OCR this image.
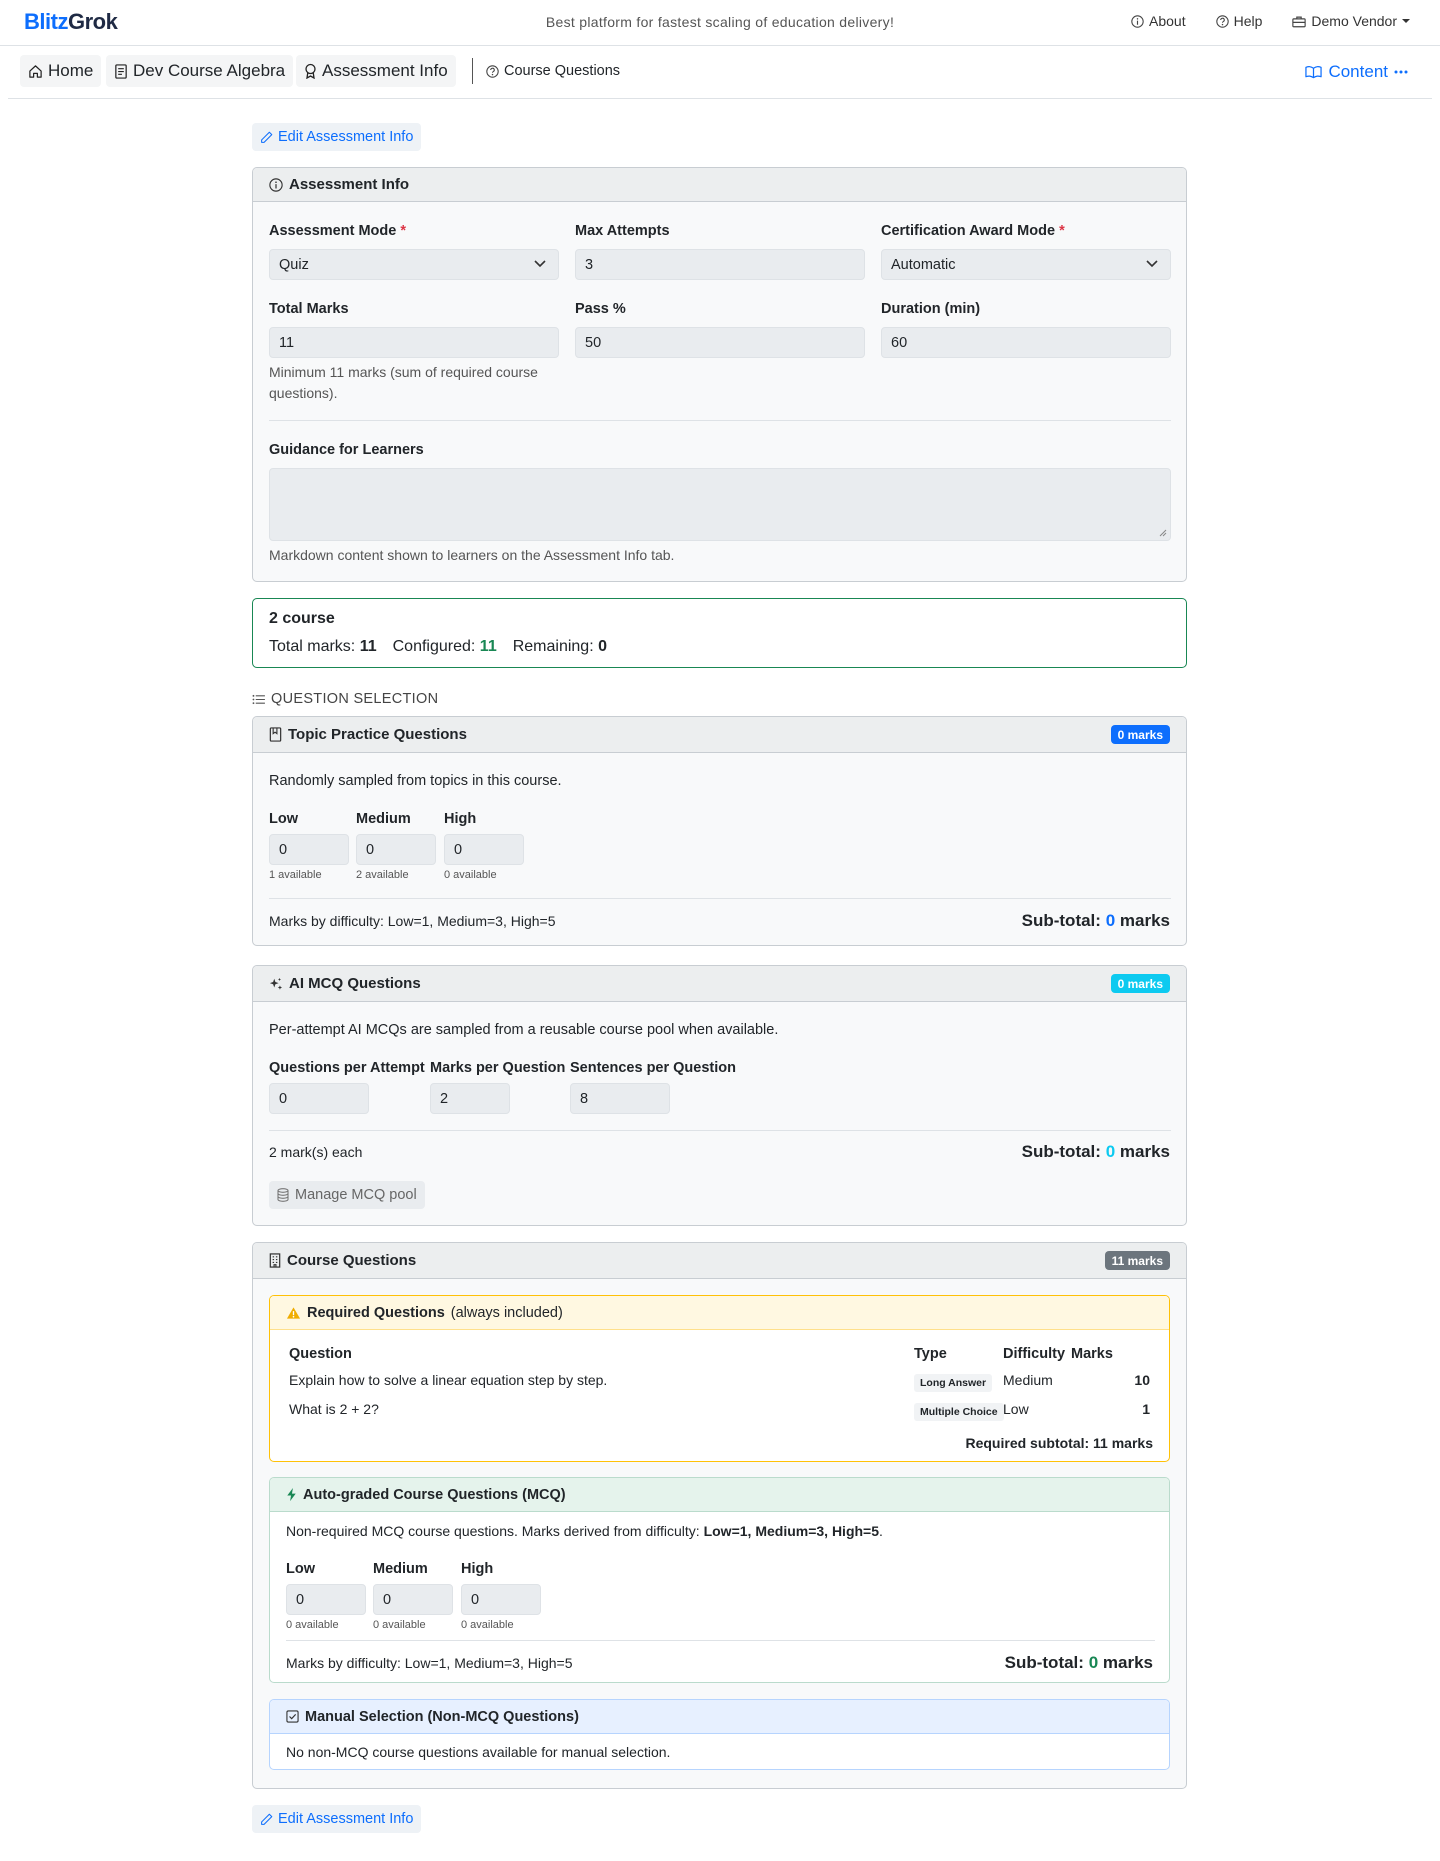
BlitzGrok	Best platform for fastest scaling of education delivery!	About	Help	Demo Vendor
Home Dev Course Algebra Assessment Info	Course Questions	Content
Edit Assessment Info
Assessment Info
Assessment Mode *
Quiz
Max Attempts
3
Certification Award Mode *
Automatic
Total Marks
11
Minimum 11 marks (sum of required course questions).
Pass %
50
Duration (min)
60
Guidance for Learners
Markdown content shown to learners on the Assessment Info tab.
2 course
Total marks: 11 Configured: 11 Remaining: 0
QUESTION SELECTION
Topic Practice Questions	0 marks
Randomly sampled from topics in this course.
Low
0
1 available
Medium
0
2 available
High
0
0 available
Marks by difficulty: Low=1, Medium=3, High=5	Sub-total: 0 marks
AI MCQ Questions	0 marks
Per-attempt AI MCQs are sampled from a reusable course pool when available.
Questions per Attempt
0
Marks per Question
2
Sentences per Question
8
2 mark(s) each	Sub-total: 0 marks
Manage MCQ pool
Course Questions	11 marks
Required Questions (always included)
Question	Type	Difficulty Marks
Explain how to solve a linear equation step by step.	Long Answer	Medium	10
What is 2 + 2?	Multiple Choice Low	1
Required subtotal: 11 marks
Auto-graded Course Questions (MCQ)
Non-required MCQ course questions. Marks derived from difficulty: Low=1, Medium=3, High=5.
Low
0
0 available
Medium
0
0 available
High
0
0 available
Marks by difficulty: Low=1, Medium=3, High=5	Sub-total: 0 marks
Manual Selection (Non-MCQ Questions)
No non-MCQ course questions available for manual selection.
Edit Assessment Info
